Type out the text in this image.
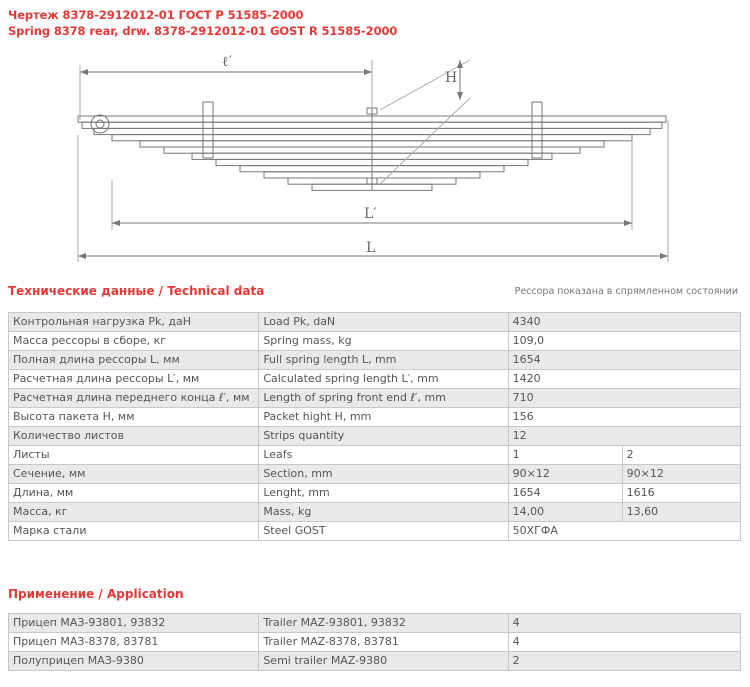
Чертеж 8378-2912012-01 ГОСТ Р 51585-2000
Spring 8378 rear, drw. 8378-2912012-01 GOST R 51585-2000
ℓ′
H
L′
L
Технические данные / Technical data	Рессора показана в спрямленном состоянии
Контрольная нагрузка Pk, даН	Load Pk, daN	4340	
Масса рессоры в сборе, кг	Spring mass, kg	109,0	
Полная длина рессоры L, мм	Full spring length L, mm	1654	
Расчетная длина рессоры L′, мм	Calculated spring length L′, mm	1420	
Расчетная длина переднего конца ℓ′, мм	Length of spring front end ℓ′, mm	710	
Высота пакета H, мм	Packet hight H, mm	156	
Количество листов	Strips quantity	12	
Листы	Leafs	1	2
Сечение, мм	Section, mm	90×12	90×12
Длина, мм	Lenght, mm	1654	1616
Масса, кг	Mass, kg	14,00	13,60
Марка стали	Steel GOST	50ХГФА	
Применение / Application
Прицеп МАЗ-93801, 93832	Trailer MAZ-93801, 93832	4
Прицеп МАЗ-8378, 83781	Trailer MAZ-8378, 83781	4
Полуприцеп МАЗ-9380	Semi trailer MAZ-9380	2
